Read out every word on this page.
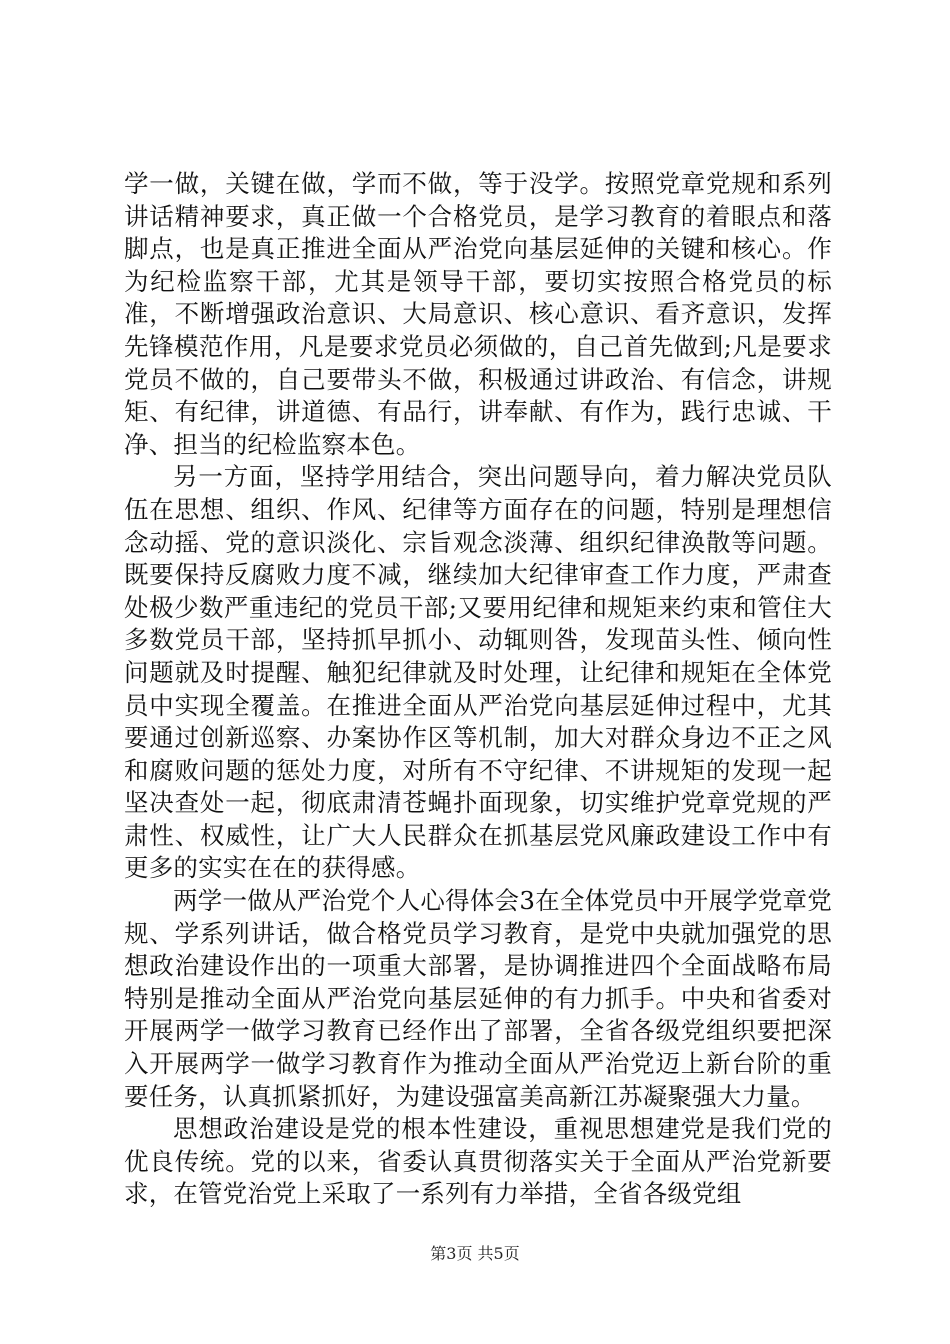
学一做，关键在做，学而不做，等于没学。按照党章党规和系列讲话精神要求，真正做一个合格党员，是学习教育的着眼点和落脚点，也是真正推进全面从严治党向基层延伸的关键和核心。作为纪检监察干部，尤其是领导干部，要切实按照合格党员的标准，不断增强政治意识、大局意识、核心意识、看齐意识，发挥先锋模范作用，凡是要求党员必须做的，自己首先做到;凡是要求党员不做的，自己要带头不做，积极通过讲政治、有信念，讲规矩、有纪律，讲道德、有品行，讲奉献、有作为，践行忠诚、干净、担当的纪检监察本色。

另一方面，坚持学用结合，突出问题导向，着力解决党员队伍在思想、组织、作风、纪律等方面存在的问题，特别是理想信念动摇、党的意识淡化、宗旨观念淡薄、组织纪律涣散等问题。既要保持反腐败力度不减，继续加大纪律审查工作力度，严肃查处极少数严重违纪的党员干部;又要用纪律和规矩来约束和管住大多数党员干部，坚持抓早抓小、动辄则咎，发现苗头性、倾向性问题就及时提醒、触犯纪律就及时处理，让纪律和规矩在全体党员中实现全覆盖。在推进全面从严治党向基层延伸过程中，尤其要通过创新巡察、办案协作区等机制，加大对群众身边不正之风和腐败问题的惩处力度，对所有不守纪律、不讲规矩的发现一起坚决查处一起，彻底肃清苍蝇扑面现象，切实维护党章党规的严肃性、权威性，让广大人民群众在抓基层党风廉政建设工作中有更多的实实在在的获得感。

两学一做从严治党个人心得体会3在全体党员中开展学党章党规、学系列讲话，做合格党员学习教育，是党中央就加强党的思想政治建设作出的一项重大部署，是协调推进四个全面战略布局特别是推动全面从严治党向基层延伸的有力抓手。中央和省委对开展两学一做学习教育已经作出了部署，全省各级党组织要把深入开展两学一做学习教育作为推动全面从严治党迈上新台阶的重要任务，认真抓紧抓好，为建设强富美高新江苏凝聚强大力量。

思想政治建设是党的根本性建设，重视思想建党是我们党的优良传统。党的以来，省委认真贯彻落实关于全面从严治党新要求，在管党治党上采取了一系列有力举措，全省各级党组

第3页 共5页
